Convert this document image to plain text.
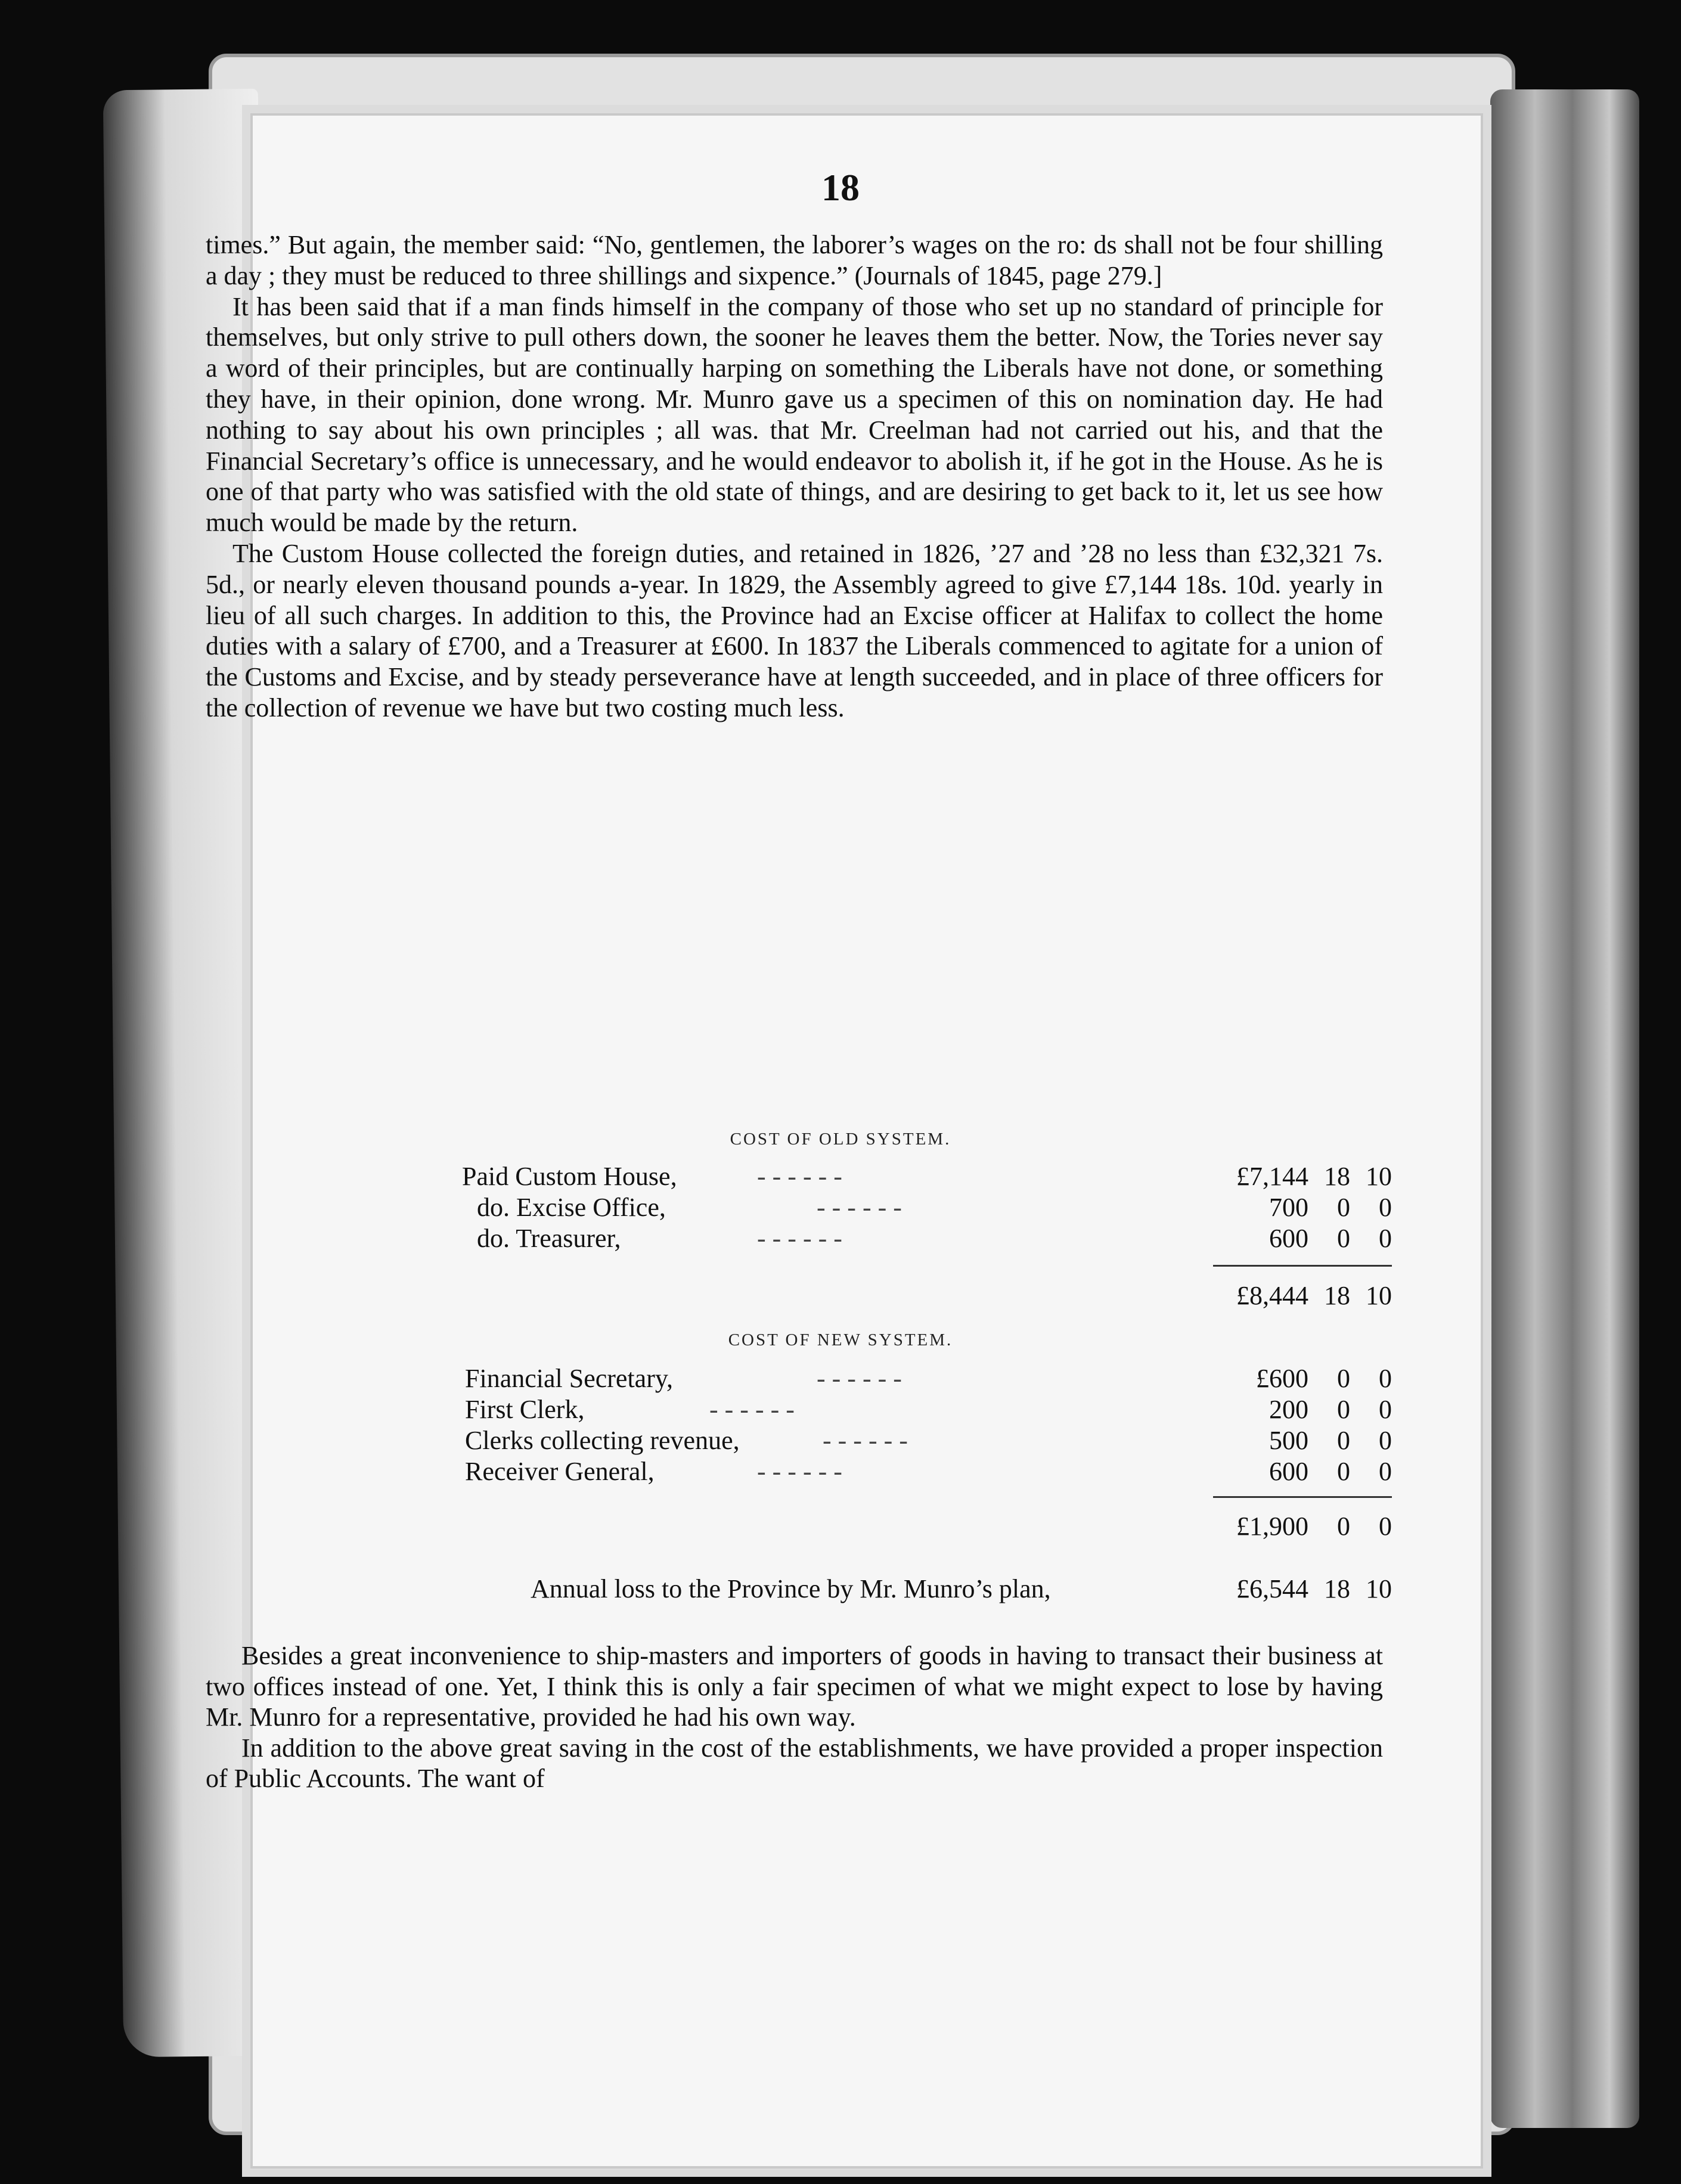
18

times.” But again, the member said: “No, gentlemen, the laborer’s wages on the ro: ds shall not be four shilling a day ; they must be reduced to three shillings and sixpence.” (Journals of 1845, page 279.]

It has been said that if a man finds himself in the company of those who set up no standard of principle for themselves, but only strive to pull others down, the sooner he leaves them the better. Now, the Tories never say a word of their principles, but are continually harping on something the Liberals have not done, or something they have, in their opinion, done wrong. Mr. Munro gave us a specimen of this on nomination day. He had nothing to say about his own principles ; all was. that Mr. Creelman had not carried out his, and that the Financial Secretary’s office is unnecessary, and he would endeavor to abolish it, if he got in the House. As he is one of that party who was satisfied with the old state of things, and are desiring to get back to it, let us see how much would be made by the return.

The Custom House collected the foreign duties, and retained in 1826, ’27 and ’28 no less than £32,321 7s. 5d., or nearly eleven thousand pounds a-year. In 1829, the Assembly agreed to give £7,144 18s. 10d. yearly in lieu of all such charges. In addition to this, the Province had an Excise officer at Halifax to collect the home duties with a salary of £700, and a Treasurer at £600. In 1837 the Liberals commenced to agitate for a union of the Customs and Excise, and by steady perseverance have at length succeeded, and in place of three officers for the collection of revenue we have but two costing much less.

COST OF OLD SYSTEM.
Paid Custom House,	- - - - - -	£7,144 18 10
do. Excise Office,	- - - - - -	700	0	0
do. Treasurer,	- - - - - -	600	0	0
£8,444 18 10
COST OF NEW SYSTEM.
Financial Secretary,	- - - - - -	£600	0	0
First Clerk,	- - - - - -	200	0	0
Clerks collecting revenue,	- - - - - -	500	0	0
Receiver General,	- - - - - -	600	0	0
£1,900	0	0
Annual loss to the Province by Mr. Munro’s plan,	£6,544 18 10

Besides a great inconvenience to ship-masters and importers of goods in having to transact their business at two offices instead of one. Yet, I think this is only a fair specimen of what we might expect to lose by having Mr. Munro for a representative, provided he had his own way.

In addition to the above great saving in the cost of the establishments, we have provided a proper inspection of Public Accounts. The want of
